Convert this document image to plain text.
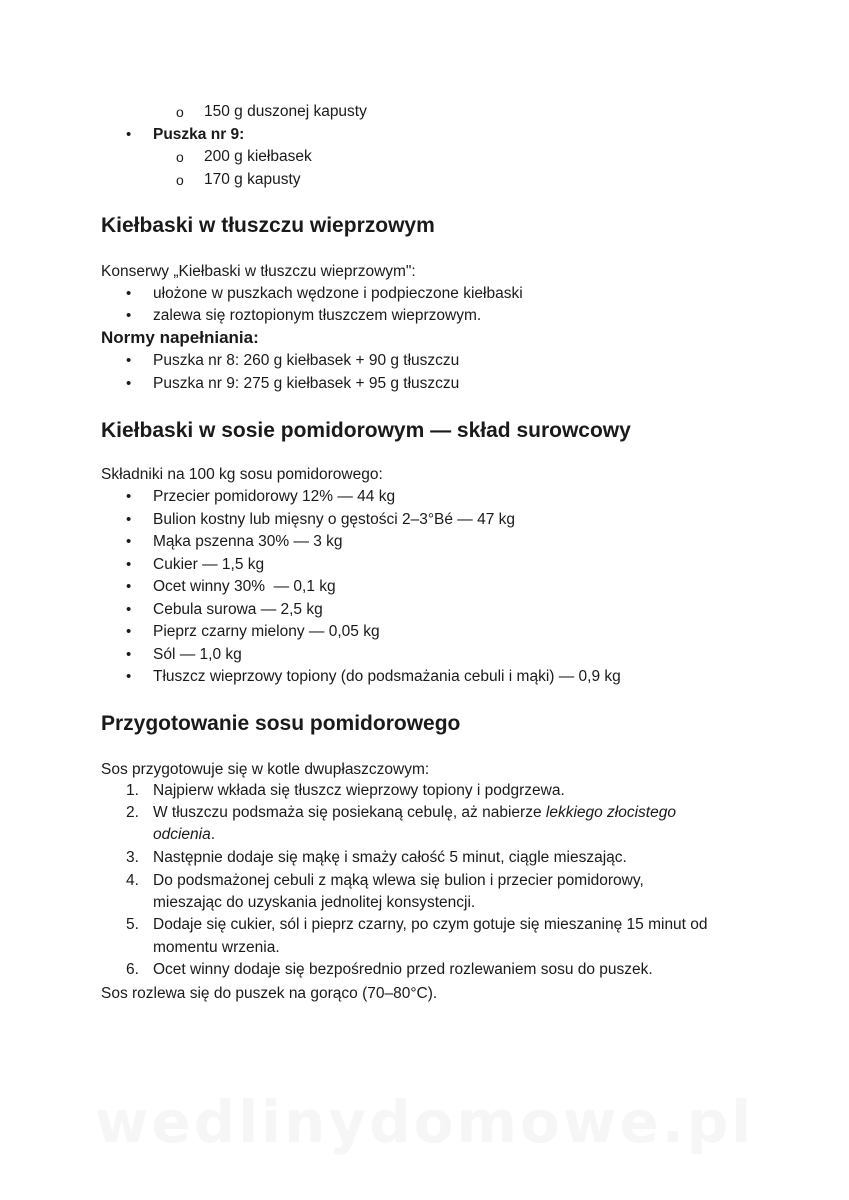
o 150 g duszonej kapusty
• Puszka nr 9:
o 200 g kiełbasek
o 170 g kapusty
Kiełbaski w tłuszczu wieprzowym
Konserwy „Kiełbaski w tłuszczu wieprzowym":
• ułożone w puszkach wędzone i podpieczone kiełbaski
• zalewa się roztopionym tłuszczem wieprzowym.
Normy napełniania:
• Puszka nr 8: 260 g kiełbasek + 90 g tłuszczu
• Puszka nr 9: 275 g kiełbasek + 95 g tłuszczu
Kiełbaski w sosie pomidorowym — skład surowcowy
Składniki na 100 kg sosu pomidorowego:
• Przecier pomidorowy 12% — 44 kg
• Bulion kostny lub mięsny o gęstości 2–3°Bé — 47 kg
• Mąka pszenna 30% — 3 kg
• Cukier — 1,5 kg
• Ocet winny 30%  — 0,1 kg
• Cebula surowa — 2,5 kg
• Pieprz czarny mielony — 0,05 kg
• Sól — 1,0 kg
• Tłuszcz wieprzowy topiony (do podsmażania cebuli i mąki) — 0,9 kg
Przygotowanie sosu pomidorowego
Sos przygotowuje się w kotle dwupłaszczowym:
1. Najpierw wkłada się tłuszcz wieprzowy topiony i podgrzewa.
2. W tłuszczu podsmaża się posiekaną cebulę, aż nabierze lekkiego złocistego
odcienia.
3. Następnie dodaje się mąkę i smaży całość 5 minut, ciągle mieszając.
4. Do podsmażonej cebuli z mąką wlewa się bulion i przecier pomidorowy,
mieszając do uzyskania jednolitej konsystencji.
5. Dodaje się cukier, sól i pieprz czarny, po czym gotuje się mieszaninę 15 minut od
momentu wrzenia.
6. Ocet winny dodaje się bezpośrednio przed rozlewaniem sosu do puszek.
Sos rozlewa się do puszek na gorąco (70–80°C).
wedlinydomowe.pl
